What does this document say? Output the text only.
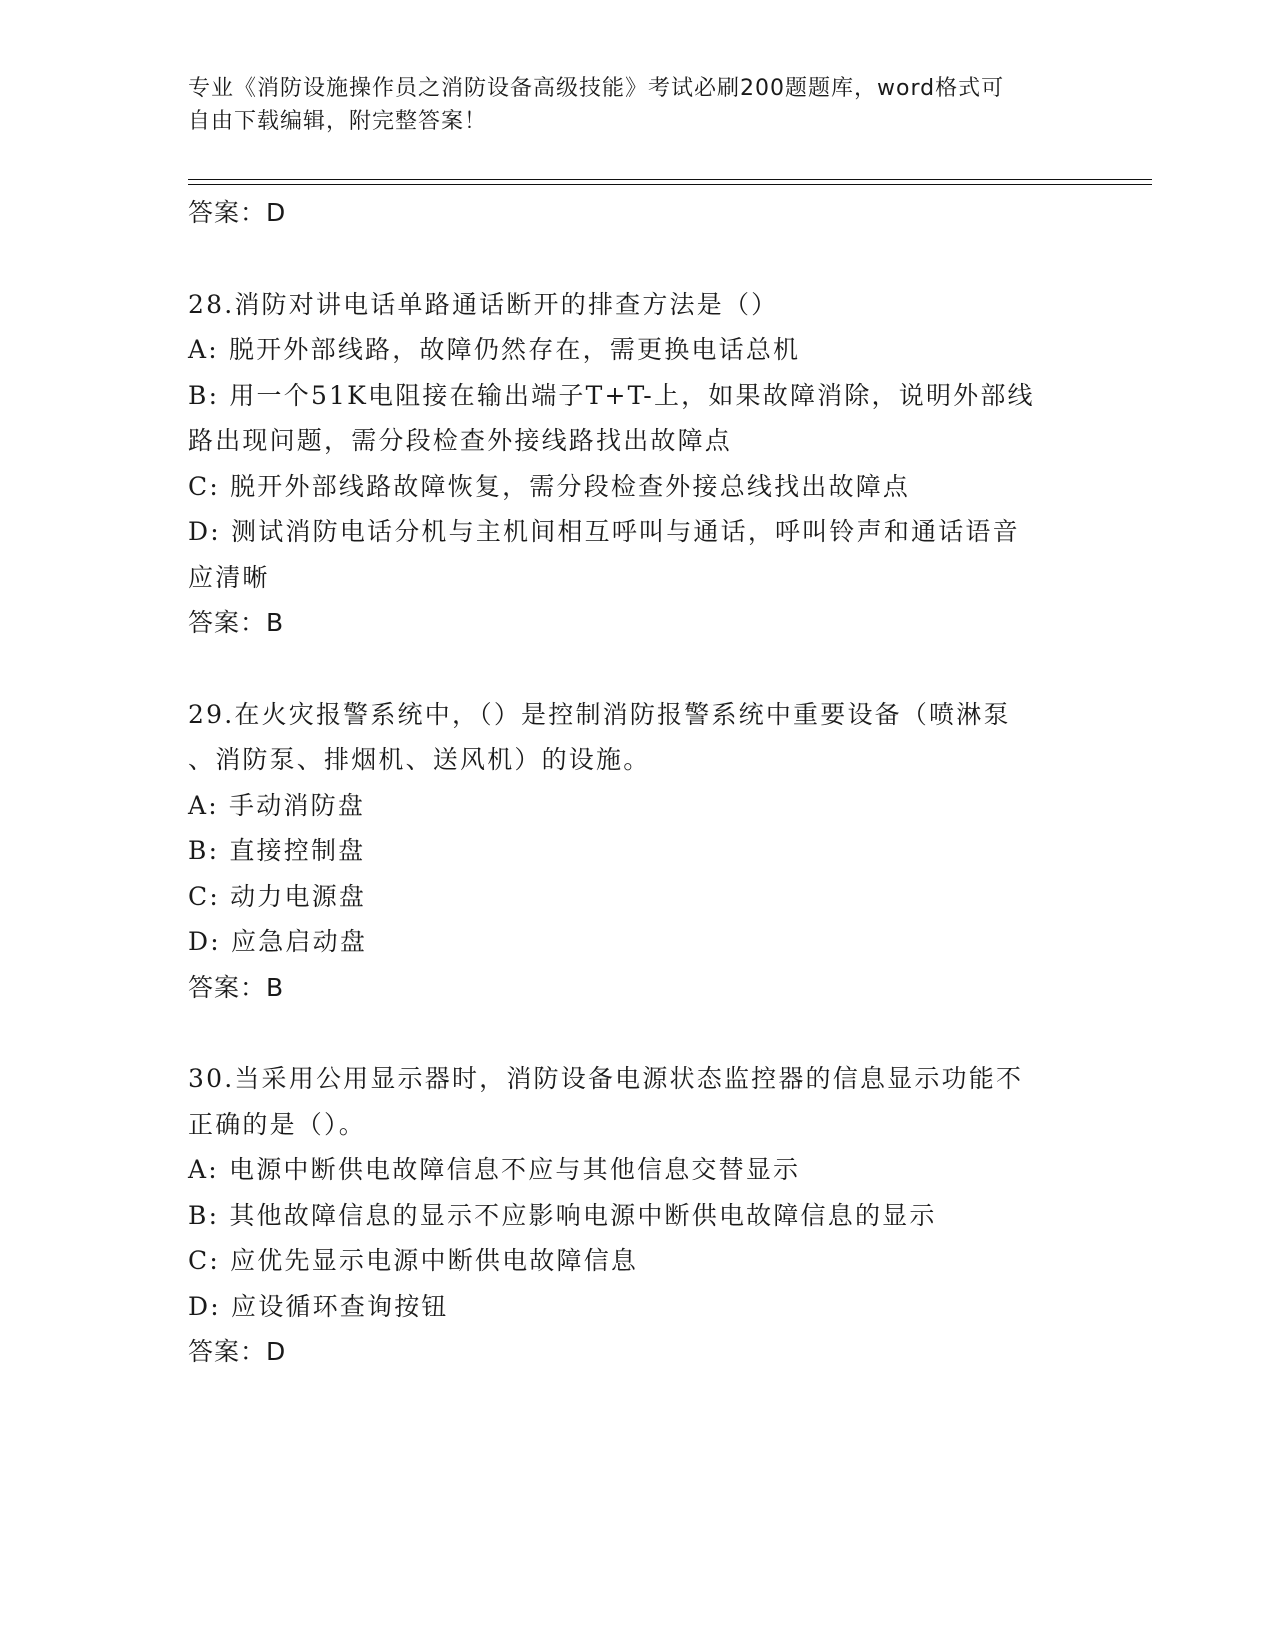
专业《消防设施操作员之消防设备高级技能》考试必刷200题题库，word格式可
自由下载编辑，附完整答案！
答案：D
28.消防对讲电话单路通话断开的排查方法是（）
A: 脱开外部线路，故障仍然存在，需更换电话总机
B: 用一个51K电阻接在输出端子T+T-上，如果故障消除，说明外部线
路出现问题，需分段检查外接线路找出故障点
C: 脱开外部线路故障恢复，需分段检查外接总线找出故障点
D: 测试消防电话分机与主机间相互呼叫与通话，呼叫铃声和通话语音
应清晰
答案：B
29.在火灾报警系统中，（）是控制消防报警系统中重要设备（喷淋泵
、消防泵、排烟机、送风机）的设施。
A: 手动消防盘
B: 直接控制盘
C: 动力电源盘
D: 应急启动盘
答案：B
30.当采用公用显示器时，消防设备电源状态监控器的信息显示功能不
正确的是（）。
A: 电源中断供电故障信息不应与其他信息交替显示
B: 其他故障信息的显示不应影响电源中断供电故障信息的显示
C: 应优先显示电源中断供电故障信息
D: 应设循环查询按钮
答案：D
